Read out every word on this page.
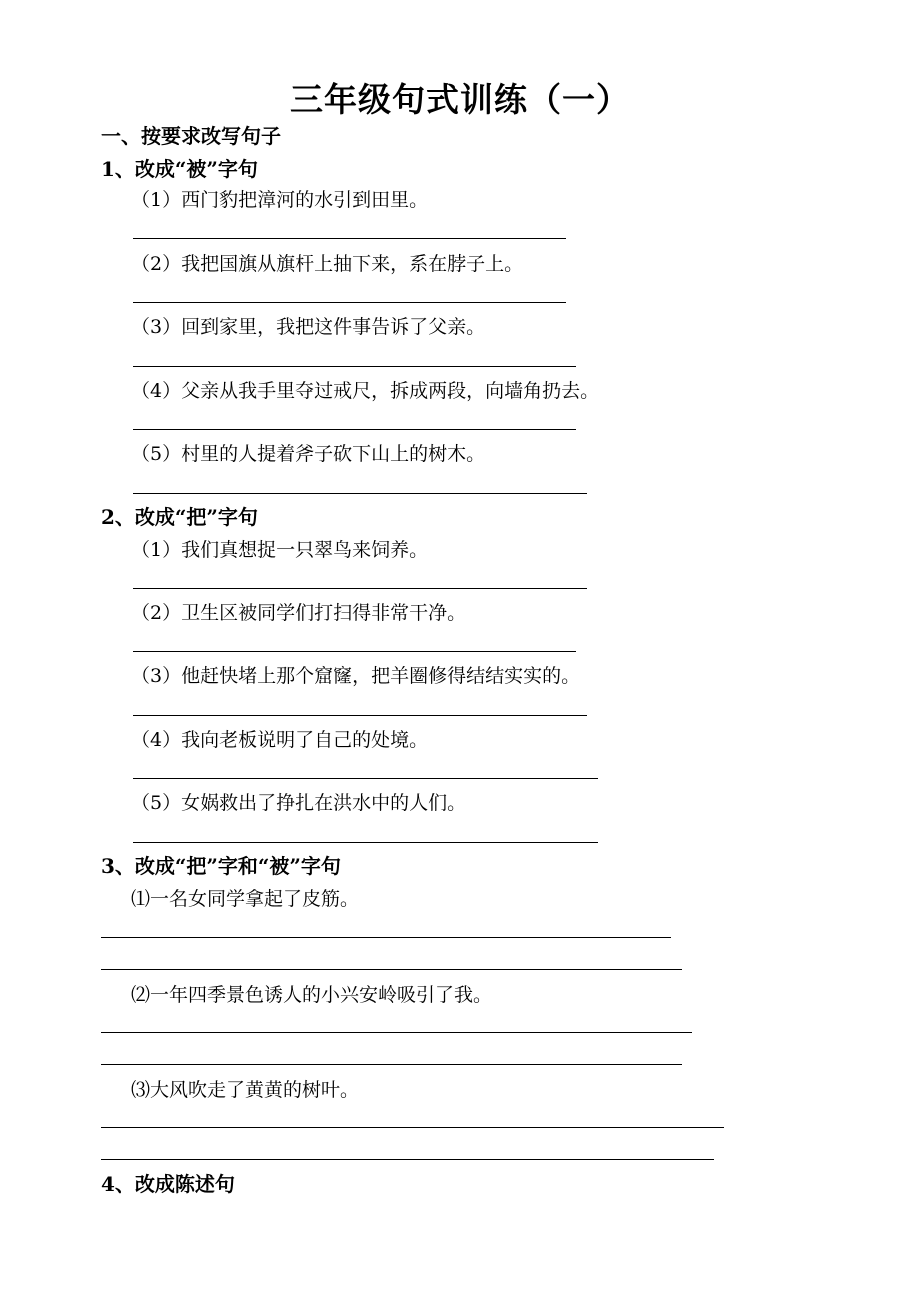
三年级句式训练（一）
一、按要求改写句子
1、改成“被”字句
（1）西门豹把漳河的水引到田里。
（2）我把国旗从旗杆上抽下来，系在脖子上。
（3）回到家里，我把这件事告诉了父亲。
（4）父亲从我手里夺过戒尺，拆成两段，向墙角扔去。
（5）村里的人提着斧子砍下山上的树木。
2、改成“把”字句
（1）我们真想捉一只翠鸟来饲养。
（2）卫生区被同学们打扫得非常干净。
（3）他赶快堵上那个窟窿，把羊圈修得结结实实的。
（4）我向老板说明了自己的处境。
（5）女娲救出了挣扎在洪水中的人们。
3、改成“把”字和“被”字句
⑴一名女同学拿起了皮筋。
⑵一年四季景色诱人的小兴安岭吸引了我。
⑶大风吹走了黄黄的树叶。
4、改成陈述句
